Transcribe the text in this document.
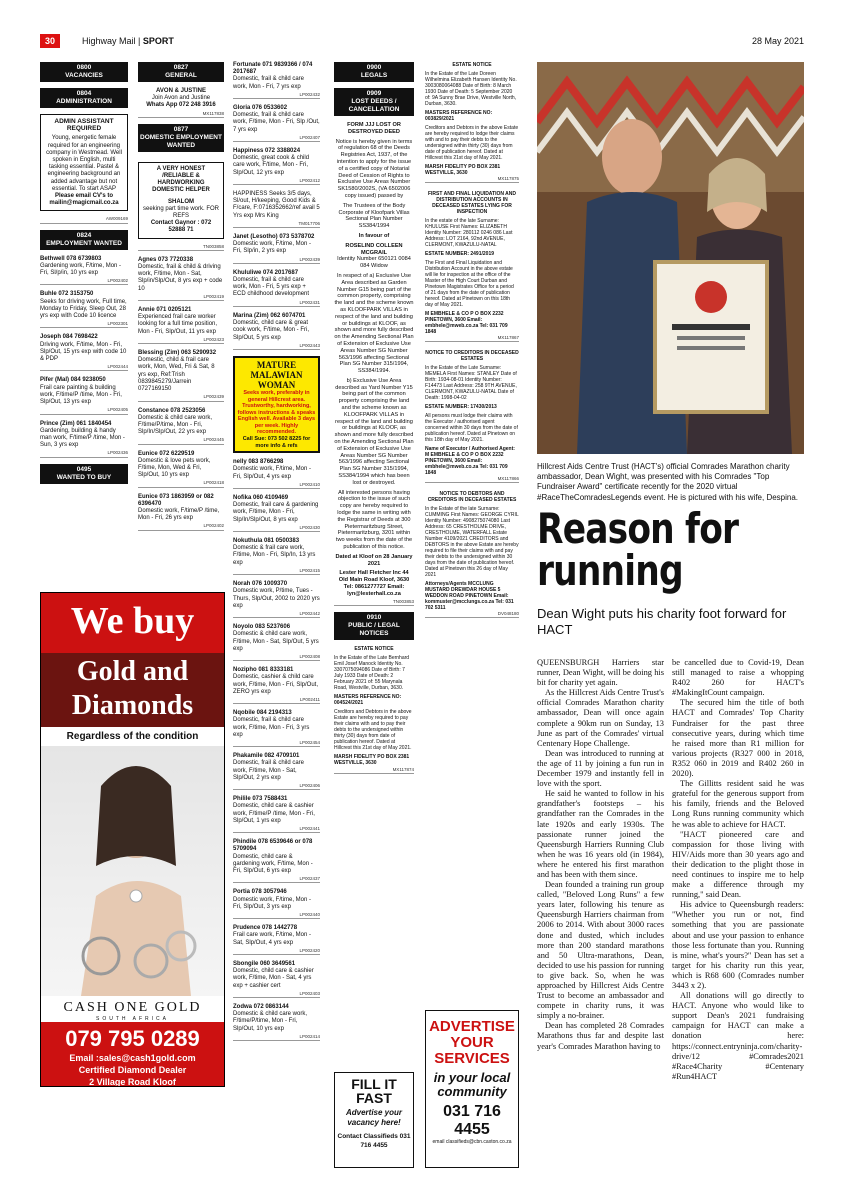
30	Highway Mail | SPORT	28 May 2021
0800
VACANCIES
0804
ADMINISTRATION
ADMIN ASSISTANT REQUIRED
Young, energetic female required for an engineering company in Westmead. Well spoken in English, multi tasking essential. Pastel & engineering background an added advantage but not essential. To start ASAP
Please email CV's to
mailin@magicmail.co.za
AW009169
0824
EMPLOYMENT WANTED
Bethwell 078 6739803
Gardening work, F/time, Mon - Fri, Sl/p/in, 10 yrs exp
LP002402
Buhle 072 3153750
Seeks for driving work, Full time, Monday to Friday, Sleep Out, 28 yrs exp with Code 10 licence
LP002301
Joseph 084 7698422
Driving work, F/time, Mon - Fri, Slp/Out, 15 yrs exp with code 10 & PDP
LP002444
Pifer (Mal) 084 9238050
Frail care painting & building work, F/time/P /time, Mon - Fri, Slp/Out, 13 yrs exp
LP002405
Prince (Zim) 061 1840454
Gardening, building & handy man work, F/time/P /time, Mon - Sun, 3 yrs exp
LP002436
0495
WANTED TO BUY
We buy
Gold and Diamonds
Regardless of the condition
CASH ONE GOLD
SOUTH AFRICA
079 795 0289
Email :sales@cash1gold.com
Certified Diamond Dealer
2 Village Road Kloof
0827
GENERAL
AVON & JUSTINE
Join Avon and Justine
Whats App 072 248 3916
MX117838
0877
DOMESTIC EMPLOYMENT WANTED
A VERY HONEST /RELIABLE & HARDWORKING DOMESTIC HELPER
SHALOM
seeking part time work. FOR REFS
Contact Gaynor : 072 52888 71
TN003858
Agnes 073 7720338
Domestic, frail & child & driving work, F/time, Mon - Sat, Slp/in/Slp/Out, 8 yrs exp + code 10
LP002419
Annie 071 0205121
Experienced frail care worker looking for a full time position, Mon - Fri, Slp/Out, 11 yrs exp
LP002423
Blessing (Zim) 063 5290932
Domestic, child & frail care work, Mon, Wed, Fri & Sat, 8 yrs exp, Ref:Trish 0839845279/Jarrein 0727169150
LP002439
Constance 078 2523056
Domestic & child care work, F/time/P/time, Mon - Fri, Slp/In/Slp/Out, 22 yrs exp
LP002445
Eunice 072 6229519
Domestic & love pets work, F/time, Mon, Wed & Fri, Slp/Out, 10 yrs exp
LP002418
Eunice 073 1863959 or 082 6396470
Domestic work, F/time/P /time, Mon - Fri, 26 yrs exp
LP002402
Fortunate 071 9839366 / 074 2017687
Domestic, frail & child care work, Mon - Fri, 7 yrs exp
LP002432
Gloria 076 0533602
Domestic, frail & child care work, F/time, Mon - Fri, Slp /Out, 7 yrs exp
LP002407
Happiness 072 3388024
Domestic, great cook & child care work, F/time, Mon - Fri, Slp/Out, 12 yrs exp
LP002412
HAPPINESS Seeks 3/5 days, Sl/out, H/keeping, Good Kids & F/care, F:0716352662/ref avail 5 Yrs exp Mrs King
TM017706
Janet (Lesotho) 073 5378702
Domestic work, F/time, Mon - Fri, Slp/in, 2 yrs exp
LP002439
Khululiwe 074 2017687
Domestic, frail & child care work, Mon - Fri, 5 yrs exp + ECD childhood development
LP002431
Marina (Zim) 062 6074701
Domestic, child care & great cook work, F/time, Mon - Fri, Slp/Out, 5 yrs exp
LP002443
MATURE MALAWIAN WOMAN
Seeks work, preferably in general Hillcrest area. Trustworthy, hardworking, follows instructions & speaks English well. Available 3 days per week. Highly recommended.
Call Sue: 073 502 8225 for more info & refs
nelly 083 8766298
Domestic work, F/time, Mon - Fri, Slp/Out, 4 yrs exp
LP002410
Nofika 060 4109469
Domestic, frail care & gardening work, F/time, Mon - Fri, Slp/In/Slp/Out, 8 yrs exp
LP002430
Nokuthula 081 0500383
Domestic & frail care work, F/time, Mon - Fri, Slp/In, 13 yrs exp
LP002415
Norah 076 1009370
Domestic work, P/time, Tues - Thurs, Slp/Out, 2002 to 2020 yrs exp
LP002442
Noyolo 083 5237606
Domestic & child care work, F/time, Mon - Sat, Slp/Out, 5 yrs exp
LP002408
Nozipho 081 8333181
Domestic, cashier & child care work, F/time, Mon - Fri, Slp/Out, ZERO yrs exp
LP002411
Nqobile 084 2194313
Domestic, frail & child care work, F/time, Mon - Fri, 3 yrs exp
LP002454
Phakamile 082 4709101
Domestic, frail & child care work, F/time, Mon - Sat, Slp/Out, 2 yrs exp
LP002406
Philile 073 7588431
Domestic, child care & cashier work, F/time/P /time, Mon - Fri, Slp/Out, 1 yrs exp
LP002441
Phindile 078 6539646 or 078 5709094
Domestic, child care & gardening work, F/time, Mon - Fri, Slp/Out, 6 yrs exp
LP002437
Portia 078 3057946
Domestic work, F/time, Mon - Fri, Slp/Out, 3 yrs exp
LP002440
Prudence 078 1442778
Frail care work, F/time, Mon - Sat, Slp/Out, 4 yrs exp
LP002420
Sbongile 060 3649561
Domestic, child care & cashier work, F/time, Mon - Sat, 4 yrs exp + cashier cert
LP002403
Zodwa 072 0863144
Domestic & child care work, F/time/P/time, Mon - Fri, Slp/Out, 10 yrs exp
LP002414
0900
LEGALS
0909
LOST DEEDS / CANCELLATION
FORM JJJ LOST OR DESTROYED DEED
Notice is hereby given in terms of regulation 68 of the Deeds Registries Act, 1937, of the intention to apply for the issue of a certified copy of Notarial Deed of Cession of Rights to Exclusive Use Areas Number SK1580/2002S, (VA 6502006 copy issued) passed by
The Trustees of the Body Corporate of Kloofpark Villas Sectional Plan Number SS384/1994
In favour of
ROSELIND COLLEEN MCGRAIL
Identity Number 650121 0084 084 Widow
In respect of a) Exclusive Use Area described as Garden Number G15 being part of the common property, comprising the land and the scheme known as KLOOFPARK VILLAS in respect of the land and building or buildings at KLOOF, as shown and more fully described on the Amending Sectional Plan of Extension of Exclusive Use Areas Number SG Number 563/1996 affecting Sectional Plan SG Number 315/1994, SS384/1994.
b) Exclusive Use Area described as Yard Number Y15 being part of the common property comprising the land and the scheme known as KLOOFPARK VILLAS in respect of the land and building or buildings at KLOOF, as shown and more fully described on the Amending Sectional Plan of Extension of Exclusive Use Areas Number SG Number 563/1996 affecting Sectional Plan SG Number 315/1994, SS384/1994 which has been lost or destroyed.
All interested persons having objection to the issue of such copy are hereby required to lodge the same in writing with the Registrar of Deeds at 300 Pietermaritzburg Street, Pietermaritzburg, 3201 within two weeks from the date of the publication of this notice.
Dated at Kloof on 28 January 2021
Lester Hall Fletcher Inc 44 Old Main Road Kloof, 3630 Tel: 0861277727 Email: lyn@lesterhall.co.za
TN003853
0910
PUBLIC / LEGAL NOTICES
ESTATE NOTICE
In the Estate of the Late Bernhard Emil Josef Manock Identity No. 3307075094086 Date of Birth: 7 July 1933 Date of Death: 2 February 2021 of: 55 Marynala Road, Westville, Durban, 3630.
MASTERS REFERENCE NO: 004524/2021
Creditors and Debtors in the above Estate are hereby required to pay their claims with and to pay their debts to the undersigned within thirty (30) days from date of publication hereof. Dated at Hillcrest this 21st day of May 2021.
MARSH FIDELITY PO BOX 2381 WESTVILLE, 3630
MX117874
FILL IT FAST
Advertise your vacancy here!
Contact Classifieds 031 716 4455
ESTATE NOTICE
In the Estate of the Late Doreen Wilhelmina Elizabeth Hansen Identity No. 3003080064088 Date of Birth: 8 March 1930 Date of Death: 5 September 2020 of: 9A Sunny Brae Drive, Westville North, Durban, 3630.
MASTERS REFERENCE NO: 003829/2021
Creditors and Debtors in the above Estate are hereby required to lodge their claims with and to pay their debts to the undersigned within thirty (30) days from date of publication hereof. Dated at Hillcrest this 21st day of May 2021.
MARSH FIDELITY PO BOX 2381 WESTVILLE, 3630
MX117875
FIRST AND FINAL LIQUIDATION AND DISTRIBUTION ACCOUNTS IN DECEASED ESTATES LYING FOR INSPECTION
In the estate of the late Surname: KHULUSE First Names: ELIZABETH Identity Number: 280112 0246 086 Last Address: LOT 2164, 92nd AVENUE, CLERMONT, KWAZULU-NATAL
ESTATE NUMBER: 2491/2019
The First and Final Liquidation and Distribution Account in the above estate will lie for inspection at the office of the Master of the High Court Durban and Pinetown Magistrates Office for a period of 21 days from the date of publication hereof. Dated at Pinetown on this 18th day of May 2021.
M EMBHELE & CO P O BOX 2232 PINETOWN, 3600 Email: embhele@mweb.co.za Tel: 031 709 1848
MX117867
NOTICE TO CREDITORS IN DECEASED ESTATES
In the Estate of the Late Surname: MEMELA First Names: STANLEY Date of Birth: 1934-08-01 Identity Number: F14473 Last Address: 258 9TH AVENUE, CLERMONT, KWAZULU-NATAL Date of Death: 1998-04-02
ESTATE NUMBER: 17430/2013
All persons must lodge their claims with the Executor / authorised agent concerned within 30 days from the date of publication hereof. Dated at Pinetown on this 18th day of May 2021.
Name of Executor / Authorised Agent: M EMBHELE & CO P O BOX 2232 PINETOWN, 3600 Email: embhele@mweb.co.za Tel: 031 709 1848
MX117866
NOTICE TO DEBTORS AND CREDITORS IN DECEASED ESTATES
In the Estate of the late Surname: CUMMING First Names: GEORGE CYRIL Identity Number: 4908275074080 Last Address: 65 CRESTHOLME DRIVE, CRESTHOLME, WATERFALL Estate Number 4109/2021 CREDITORS and DEBTORS in the above Estate are hereby required to file their claims with and pay their debts to the undersigned within 30 days from the date of publication hereof. Dated at Pinetown this 26 day of May 2021
Attorneys/Agents MCCLUNG MUSTARD DREWDAR HOUSE 5 WEDDON ROAD PINETOWN Email: kommuster@mcclungs.co.za Tel: 031 702 5311
DV048180
ADVERTISE YOUR SERVICES
in your local community
031 716 4455
email classifieds@cbn.caxton.co.za
Hillcrest Aids Centre Trust (HACT's) official Comrades Marathon charity ambassador, Dean Wight, was presented with his Comrades "Top Fundraiser Award" certificate recently for the 2020 virtual #RaceTheComradesLegends event. He is pictured with his wife, Despina.
Reason for running
Dean Wight puts his charity foot forward for HACT

QUEENSBURGH Harriers star runner, Dean Wight, will be doing his bit for charity yet again.

As the Hillcrest Aids Centre Trust's official Comrades Marathon charity ambassador, Dean will once again complete a 90km run on Sunday, 13 June as part of the Comrades' virtual Centenary Hope Challenge.

Dean was introduced to running at the age of 11 by joining a fun run in December 1979 and instantly fell in love with the sport.

He said he wanted to follow in his grandfather's footsteps – his grandfather ran the Comrades in the late 1920s and early 1930s. The passionate runner joined the Queensburgh Harriers Running Club when he was 16 years old (in 1984), where he entered his first marathon and has been with them since.

Dean founded a training run group called, "Beloved Long Runs" a few years later, following his tenure as Queensburgh Harriers chairman from 2006 to 2014. With about 3000 races done and dusted, which includes more than 200 standard marathons and 50 Ultra-marathons, Dean, decided to use his passion for running to give back. So, when he was approached by Hillcrest Aids Centre Trust to become an ambassador and compete in charity runs, it was simply a no-brainer.

Dean has completed 28 Comrades Marathons thus far and despite last year's Comrades Marathon having to

be cancelled due to Covid-19, Dean still managed to raise a whopping R402 260 for HACT's #MakingItCount campaign.

The secured him the title of both HACT and Comrades' Top Charity Fundraiser for the past three consecutive years, during which time he raised more than R1 million for various projects (R327 000 in 2018, R352 060 in 2019 and R402 260 in 2020).

The Gillitts resident said he was grateful for the generous support from his family, friends and the Beloved Long Runs running community which he was able to achieve for HACT.

"HACT pioneered care and compassion for those living with HIV/Aids more than 30 years ago and their dedication to the plight those in need continues to inspire me to help make a difference through my running," said Dean.

His advice to Queensburgh readers: "Whether you run or not, find something that you are passionate about and use your passion to enhance those less fortunate than you. Running is mine, what's yours?" Dean has set a target for his charity run this year, which is R68 600 (Comrades number 3443 x 2).

All donations will go directly to HACT. Anyone who would like to support Dean's 2021 fundraising campaign for HACT can make a donation here: https://connect.entryninja.com/charity-drive/12 #Comrades2021 #Race4Charity #Centenary #Run4HACT
